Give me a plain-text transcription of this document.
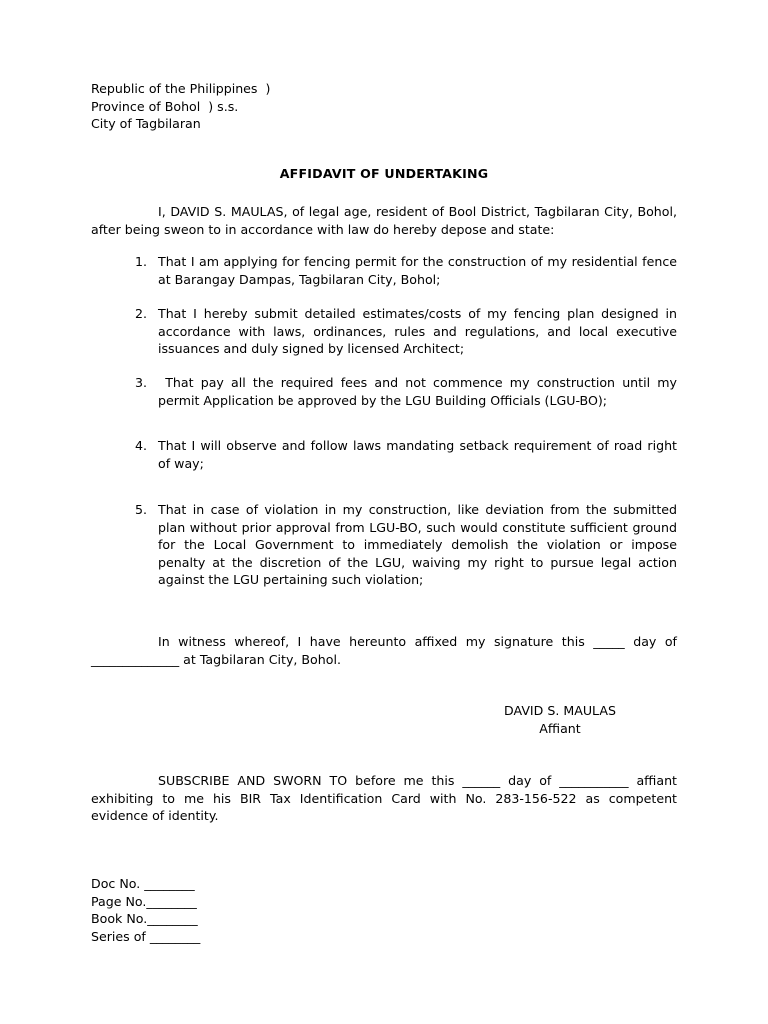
Republic of the Philippines  )
Province of Bohol  ) s.s.
City of Tagbilaran
AFFIDAVIT OF UNDERTAKING
I, DAVID S. MAULAS, of legal age, resident of Bool District, Tagbilaran City, Bohol, after being sweon to in accordance with law do hereby depose and state:
1. That I am applying for fencing permit for the construction of my residential fence at Barangay Dampas, Tagbilaran City, Bohol;
2. That I hereby submit detailed estimates/costs of my fencing plan designed in accordance with laws, ordinances, rules and regulations, and local executive issuances and duly signed by licensed Architect;
3. That pay all the required fees and not commence my construction until my permit Application be approved by the LGU Building Officials (LGU-BO);
4. That I will observe and follow laws mandating setback requirement of road right of way;
5. That in case of violation in my construction, like deviation from the submitted plan without prior approval from LGU-BO, such would constitute sufficient ground for the Local Government to immediately demolish the violation or impose penalty at the discretion of the LGU, waiving my right to pursue legal action against the LGU pertaining such violation;
In witness whereof, I have hereunto affixed my signature this _____ day of ______________ at Tagbilaran City, Bohol.
DAVID S. MAULAS
Affiant
SUBSCRIBE AND SWORN TO before me this ______ day of ___________ affiant exhibiting to me his BIR Tax Identification Card with No. 283-156-522 as competent evidence of identity.
Doc No. ________
Page No.________
Book No.________
Series of ________
